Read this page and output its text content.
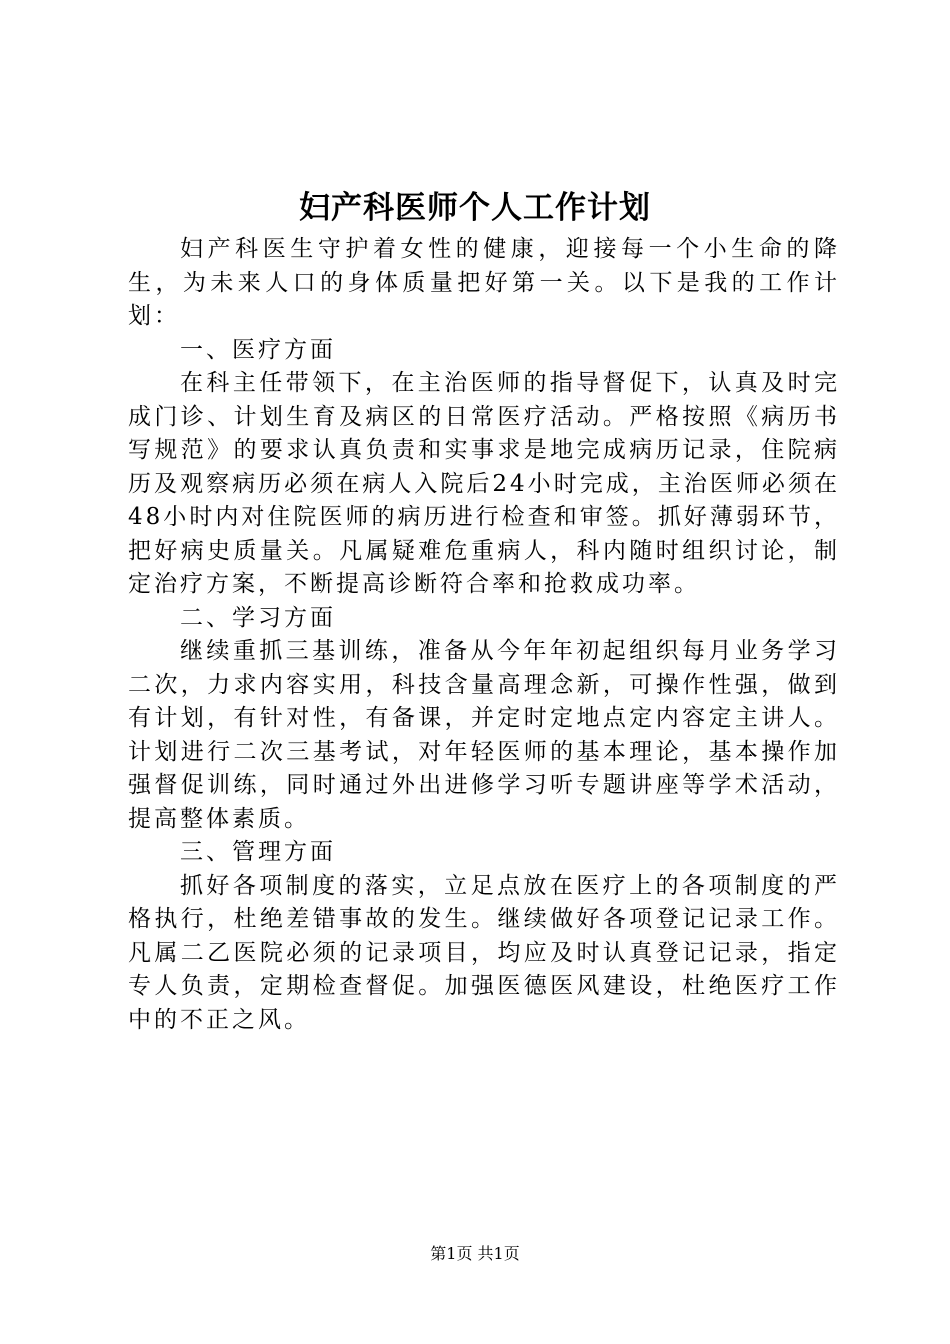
妇产科医师个人工作计划

妇产科医生守护着女性的健康，迎接每一个小生命的降生，为未来人口的身体质量把好第一关。以下是我的工作计划：

一、医疗方面

在科主任带领下，在主治医师的指导督促下，认真及时完成门诊、计划生育及病区的日常医疗活动。严格按照《病历书写规范》的要求认真负责和实事求是地完成病历记录，住院病历及观察病历必须在病人入院后24小时完成，主治医师必须在48小时内对住院医师的病历进行检查和审签。抓好薄弱环节，把好病史质量关。凡属疑难危重病人，科内随时组织讨论，制定治疗方案，不断提高诊断符合率和抢救成功率。

二、学习方面

继续重抓三基训练，准备从今年年初起组织每月业务学习二次，力求内容实用，科技含量高理念新，可操作性强，做到有计划，有针对性，有备课，并定时定地点定内容定主讲人。计划进行二次三基考试，对年轻医师的基本理论，基本操作加强督促训练，同时通过外出进修学习听专题讲座等学术活动，提高整体素质。

三、管理方面

抓好各项制度的落实，立足点放在医疗上的各项制度的严格执行，杜绝差错事故的发生。继续做好各项登记记录工作。凡属二乙医院必须的记录项目，均应及时认真登记记录，指定专人负责，定期检查督促。加强医德医风建设，杜绝医疗工作中的不正之风。

第1页 共1页
